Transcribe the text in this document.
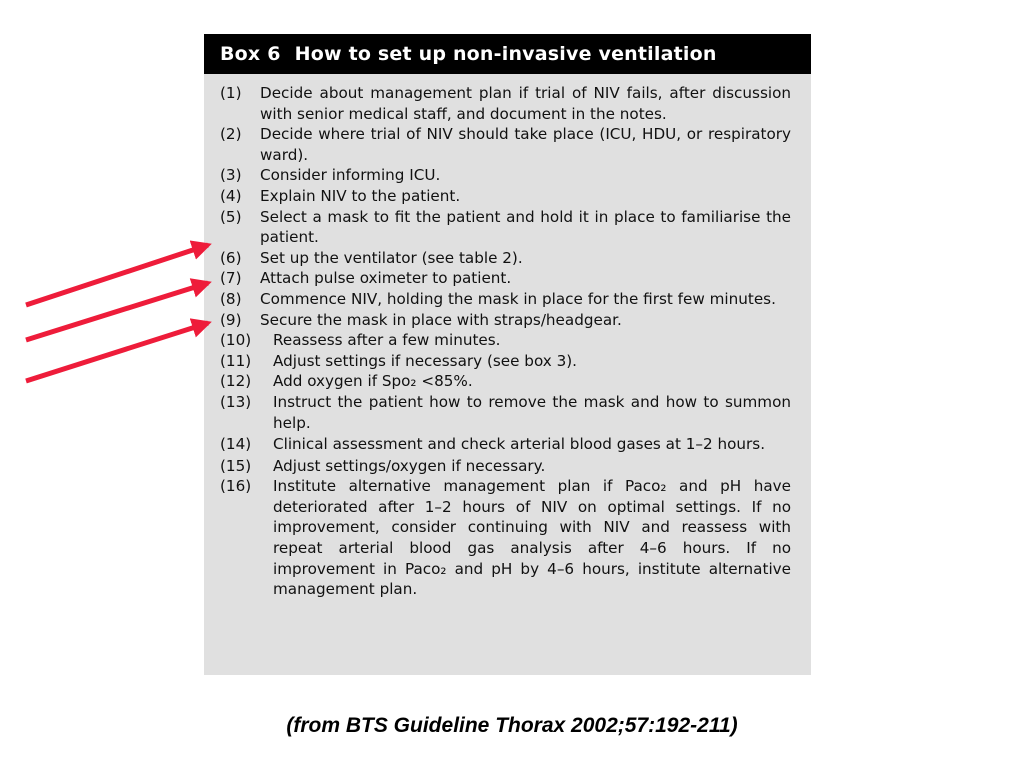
Box 6 How to set up non-invasive ventilation
(1)	Decide about management plan if trial of NIV fails, after discussion with senior medical staff, and document in the notes.
(2)	Decide where trial of NIV should take place (ICU, HDU, or respiratory ward).
(3)	Consider informing ICU.
(4)	Explain NIV to the patient.
(5)	Select a mask to fit the patient and hold it in place to familiarise the patient.
(6)	Set up the ventilator (see table 2).
(7)	Attach pulse oximeter to patient.
(8)	Commence NIV, holding the mask in place for the first few minutes.
(9)	Secure the mask in place with straps/headgear.
(10)	Reassess after a few minutes.
(11)	Adjust settings if necessary (see box 3).
(12)	Add oxygen if Spo₂ <85%.
(13)	Instruct the patient how to remove the mask and how to summon help.
(14)	Clinical assessment and check arterial blood gases at 1–2 hours.
(15)	Adjust settings/oxygen if necessary.
(16)	Institute alternative management plan if Paco₂ and pH have deteriorated after 1–2 hours of NIV on optimal settings. If no improvement, consider continuing with NIV and reassess with repeat arterial blood gas analysis after 4–6 hours. If no improvement in Paco₂ and pH by 4–6 hours, institute alternative management plan.
(from BTS Guideline Thorax 2002;57:192-211)
